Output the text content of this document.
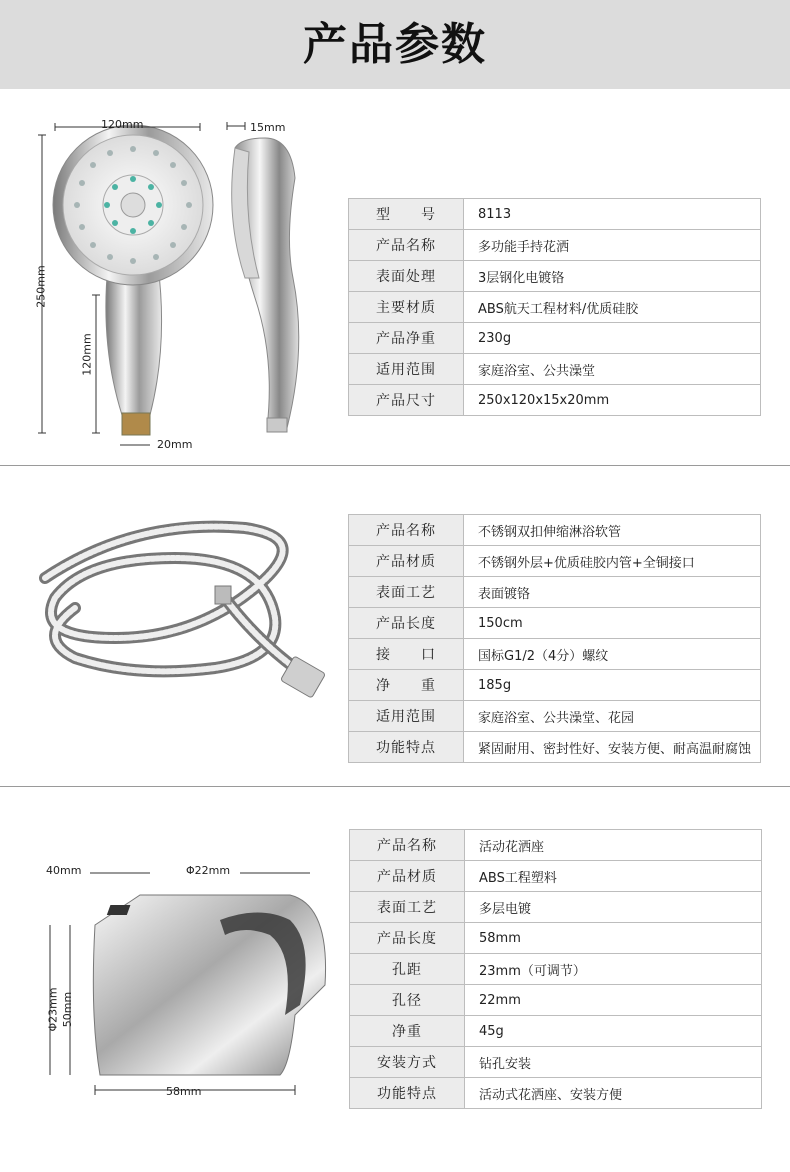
产品参数
120mm
250mm
120mm
20mm
15mm
型　　号	8113
产品名称	多功能手持花洒
表面处理	3层钢化电镀铬
主要材质	ABS航天工程材料/优质硅胶
产品净重	230g
适用范围	家庭浴室、公共澡堂
产品尺寸	250x120x15x20mm
产品名称	不锈钢双扣伸缩淋浴软管
产品材质	不锈钢外层+优质硅胶内管+全铜接口
表面工艺	表面镀铬
产品长度	150cm
接　　口	国标G1/2（4分）螺纹
净　　重	185g
适用范围	家庭浴室、公共澡堂、花园
功能特点	紧固耐用、密封性好、安装方便、耐高温耐腐蚀
40mm	Φ22mm
Φ23mm 50mm
58mm
产品名称	活动花洒座
产品材质	ABS工程塑料
表面工艺	多层电镀
产品长度	58mm
孔距	23mm（可调节）
孔径	22mm
净重	45g
安装方式	钻孔安装
功能特点	活动式花洒座、安装方便
